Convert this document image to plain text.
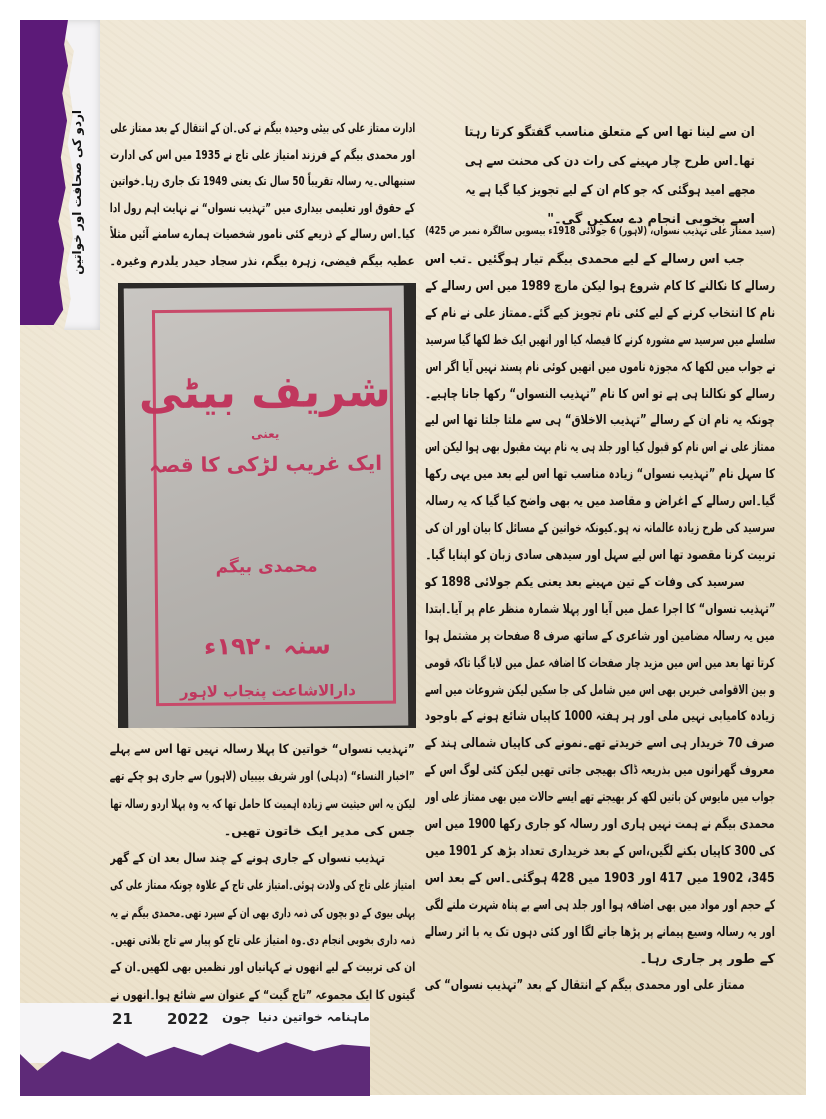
اردو کی صحافت اور خواتین	ان سے لینا تھا اس کے متعلق مناسب گفتگو کرتا رہتا
تھا۔اس طرح چار مہینے کی رات دن کی محنت سے ہی
مجھے امید ہوگئی کہ جو کام ان کے لیے تجویز کیا گیا ہے یہ
اسے بخوبی انجام دے سکیں گی۔"
(سید ممتاز علی تہذیب نسواں، (لاہور) 6 جولائی 1918ء بیسویں سالگرہ نمبر ص 425)
جب اس رسالے کے لیے محمدی بیگم تیار ہوگئیں ۔تب اس
رسالے کا نکالنے کا کام شروع ہوا لیکن مارچ 1989 میں اس رسالے کے
نام کا انتخاب کرنے کے لیے کئی نام تجویز کیے گئے۔ممتاز علی نے نام کے
سلسلے میں سرسید سے مشورہ کرنے کا فیصلہ کیا اور انھیں ایک خط لکھا گیا سرسید
نے جواب میں لکھا کہ مجوزہ ناموں میں انھیں کوئی نام پسند نہیں آیا اگر اس
رسالے کو نکالنا ہی ہے تو اس کا نام ”تہذیب النسواں“ رکھا جانا چاہیے۔
چونکہ یہ نام ان کے رسالے ”تہذیب الاخلاق“ ہی سے ملتا جلتا تھا اس لیے
ممتاز علی نے اس نام کو قبول کیا اور جلد ہی یہ نام بہت مقبول بھی ہوا لیکن اس
کا سہل نام ”تہذیب نسواں“ زیادہ مناسب تھا اس لیے بعد میں یہی رکھا
گیا۔اس رسالے کے اغراض و مقاصد میں یہ بھی واضح کیا گیا کہ یہ رسالہ
سرسید کی طرح زیادہ عالمانہ نہ ہو۔کیونکہ خواتین کے مسائل کا بیان اور ان کی
تربیت کرنا مقصود تھا اس لیے سہل اور سیدھی سادی زبان کو اپنایا گیا۔
سرسید کی وفات کے تین مہینے بعد یعنی یکم جولائی 1898 کو
”تہذیب نسواں“ کا اجرا عمل میں آیا اور پہلا شمارہ منظر عام پر آیا۔ابتدا
میں یہ رسالہ مضامین اور شاعری کے ساتھ صرف 8 صفحات پر مشتمل ہوا
کرتا تھا بعد میں اس میں مزید چار صفحات کا اضافہ عمل میں لایا گیا تاکہ قومی
و بین الاقوامی خبریں بھی اس میں شامل کی جا سکیں لیکن شروعات میں اسے
زیادہ کامیابی نہیں ملی اور ہر ہفتہ 1000 کاپیاں شائع ہونے کے باوجود
صرف 70 خریدار ہی اسے خریدتے تھے۔نمونے کی کاپیاں شمالی ہند کے
معروف گھرانوں میں بذریعہ ڈاک بھیجی جاتی تھیں لیکن کئی لوگ اس کے
جواب میں مایوس کن باتیں لکھ کر بھیجتے تھے ایسے حالات میں بھی ممتاز علی اور
محمدی بیگم نے ہمت نہیں ہاری اور رسالہ کو جاری رکھا 1900 میں اس
کی 300 کاپیاں بکنے لگیں،اس کے بعد خریداری تعداد بڑھ کر 1901 میں
345، 1902 میں 417 اور 1903 میں 428 ہوگئی۔اس کے بعد اس
کے حجم اور مواد میں بھی اضافہ ہوا اور جلد ہی اسے بے پناہ شہرت ملنے لگی
اور یہ رسالہ وسیع پیمانے پر پڑھا جانے لگا اور کئی دہوں تک یہ با اثر رسالے
کے طور پر جاری رہا۔
ممتاز علی اور محمدی بیگم کے انتقال کے بعد ”تہذیب نسواں“ کی
ادارت ممتاز علی کی بیٹی وحیدہ بیگم نے کی۔ان کے انتقال کے بعد ممتاز علی
اور محمدی بیگم کے فرزند امتیاز علی تاج نے 1935 میں اس کی ادارت
سنبھالی۔یہ رسالہ تقریباً 50 سال تک یعنی 1949 تک جاری رہا۔خواتین
کے حقوق اور تعلیمی بیداری میں ”تہذیب نسواں“ نے نہایت اہم رول ادا
کیا۔اس رسالے کے ذریعے کئی نامور شخصیات ہمارے سامنے آئیں مثلاً
عطیہ بیگم فیضی، زہرہ بیگم، نذر سجاد حیدر یلدرم وغیرہ۔
شریف بیٹی
یعنی
ایک غریب لڑکی کا قصہ
محمدی بیگم
سنہ ۱۹۲۰ء
دارالاشاعت پنجاب لاہور
”تہذیب نسواں“ خواتین کا پہلا رسالہ نہیں تھا اس سے پہلے
”اخبار النساء“ (دہلی) اور شریف بیبیاں (لاہور) سے جاری ہو چکے تھے
لیکن یہ اس حیثیت سے زیادہ اہمیت کا حامل تھا کہ یہ وہ پہلا اردو رسالہ تھا
جس کی مدیر ایک خاتون تھیں۔
تہذیب نسواں کے جاری ہونے کے چند سال بعد ان کے گھر
امتیاز علی تاج کی ولادت ہوئی۔امتیاز علی تاج کے علاوہ چونکہ ممتاز علی کی
پہلی بیوی کے دو بچوں کی ذمہ داری بھی ان کے سپرد تھی۔محمدی بیگم نے یہ
ذمہ داری بخوبی انجام دی۔وہ امتیاز علی تاج کو پیار سے تاج بلاتی تھیں۔
ان کی تربیت کے لیے انھوں نے کہانیاں اور نظمیں بھی لکھیں۔ان کے
گیتوں کا ایک مجموعہ ”تاج گیت“ کے عنوان سے شائع ہوا۔انھوں نے
21 2022 جون ماہنامہ خواتین دنیا
